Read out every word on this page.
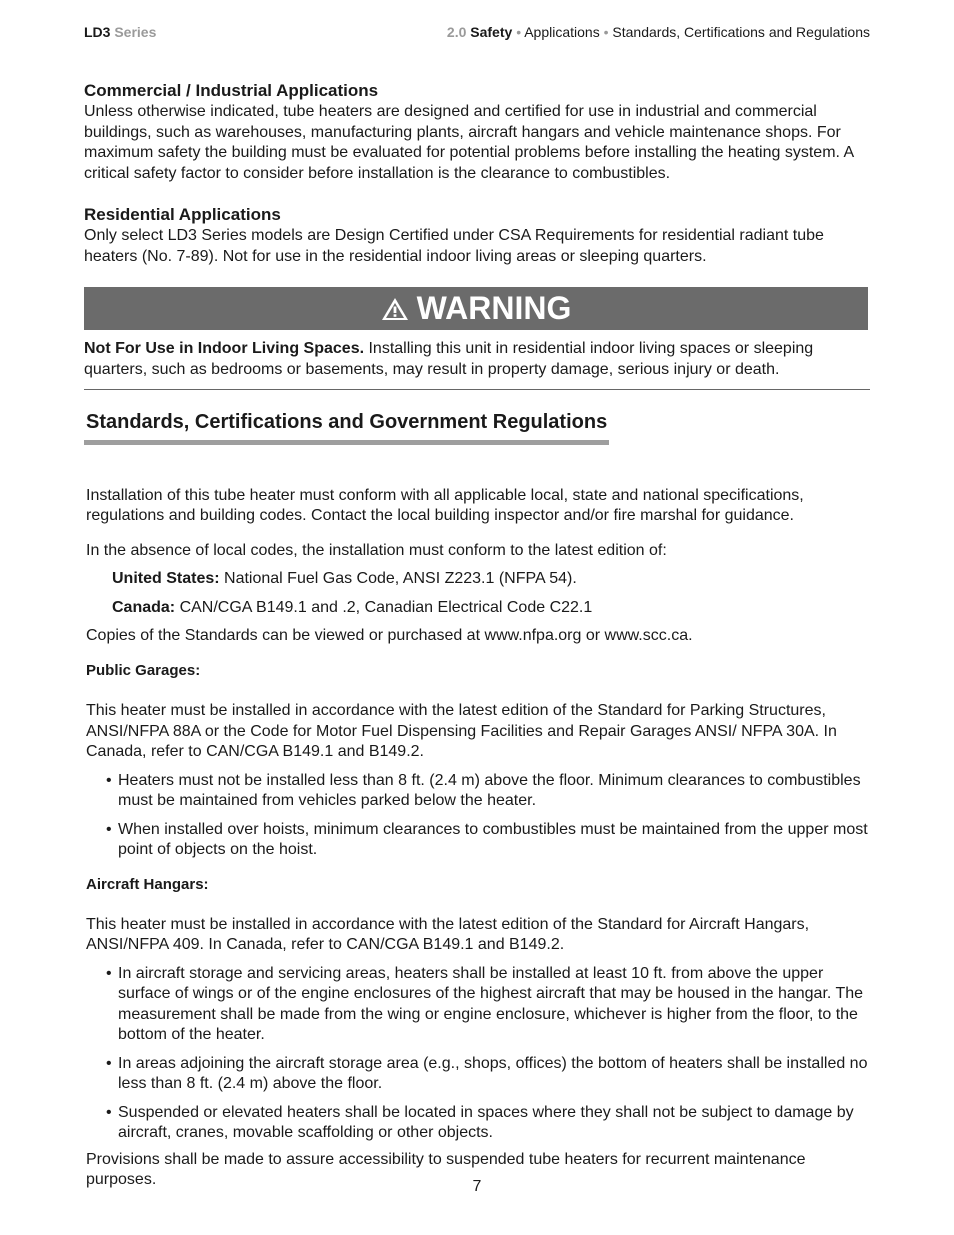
LD3 Series	2.0 Safety • Applications • Standards, Certifications and Regulations
Commercial / Industrial Applications

Unless otherwise indicated, tube heaters are designed and certified for use in industrial and commercial buildings, such as warehouses, manufacturing plants, aircraft hangars and vehicle maintenance shops. For maximum safety the building must be evaluated for potential problems before installing the heating system. A critical safety factor to consider before installation is the clearance to combustibles.

Residential Applications

Only select LD3 Series models are Design Certified under CSA Requirements for residential radiant tube heaters (No. 7-89). Not for use in the residential indoor living areas or sleeping quarters.

WARNING

Not For Use in Indoor Living Spaces. Installing this unit in residential indoor living spaces or sleeping quarters, such as bedrooms or basements, may result in property damage, serious injury or death.

Standards, Certifications and Government Regulations

Installation of this tube heater must conform with all applicable local, state and national specifications, regulations and building codes. Contact the local building inspector and/or fire marshal for guidance.

In the absence of local codes, the installation must conform to the latest edition of:

United States: National Fuel Gas Code, ANSI Z223.1 (NFPA 54).

Canada: CAN/CGA B149.1 and .2, Canadian Electrical Code C22.1

Copies of the Standards can be viewed or purchased at www.nfpa.org or www.scc.ca.

Public Garages:

This heater must be installed in accordance with the latest edition of the Standard for Parking Structures, ANSI/NFPA 88A or the Code for Motor Fuel Dispensing Facilities and Repair Garages ANSI/ NFPA 30A. In Canada, refer to CAN/CGA B149.1 and B149.2.

• Heaters must not be installed less than 8 ft. (2.4 m) above the floor. Minimum clearances to combustibles must be maintained from vehicles parked below the heater.
• When installed over hoists, minimum clearances to combustibles must be maintained from the upper most point of objects on the hoist.
Aircraft Hangars:

This heater must be installed in accordance with the latest edition of the Standard for Aircraft Hangars, ANSI/NFPA 409. In Canada, refer to CAN/CGA B149.1 and B149.2.

• In aircraft storage and servicing areas, heaters shall be installed at least 10 ft. from above the upper surface of wings or of the engine enclosures of the highest aircraft that may be housed in the hangar. The measurement shall be made from the wing or engine enclosure, whichever is higher from the floor, to the bottom of the heater.
• In areas adjoining the aircraft storage area (e.g., shops, offices) the bottom of heaters shall be installed no less than 8 ft. (2.4 m) above the floor.
• Suspended or elevated heaters shall be located in spaces where they shall not be subject to damage by aircraft, cranes, movable scaffolding or other objects.

Provisions shall be made to assure accessibility to suspended tube heaters for recurrent maintenance purposes.	7
